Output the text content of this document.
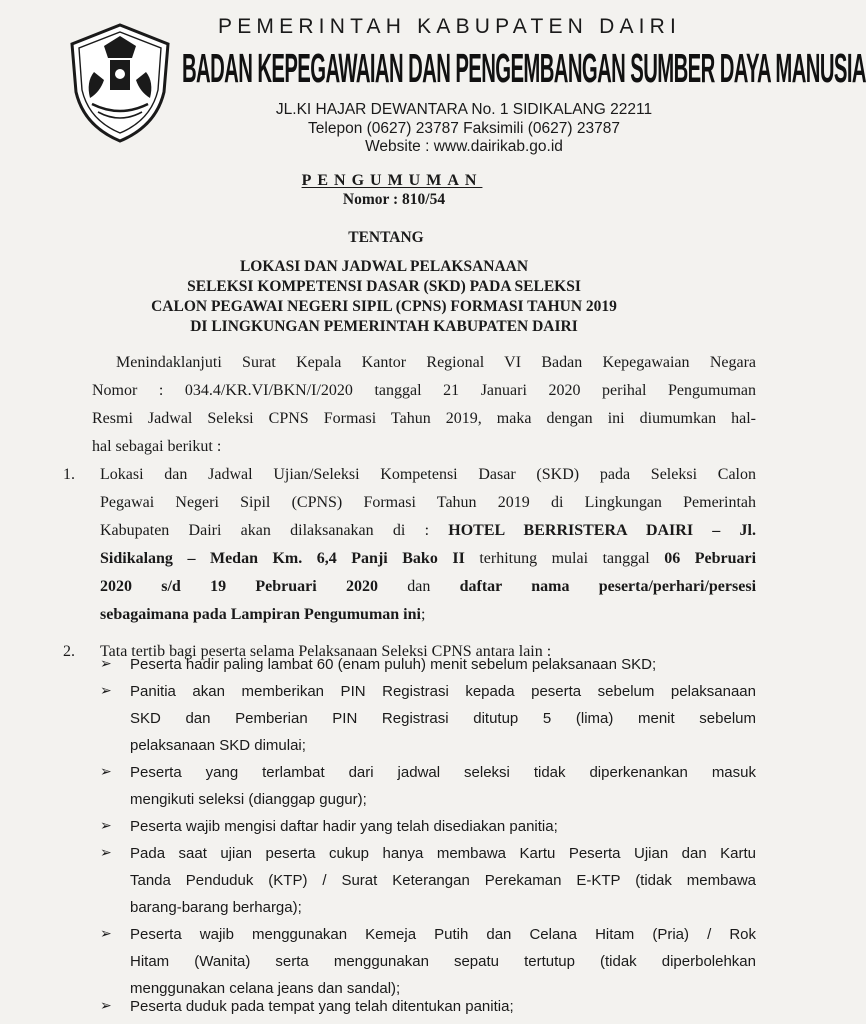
PEMERINTAH KABUPATEN DAIRI
BADAN KEPEGAWAIAN DAN PENGEMBANGAN SUMBER DAYA MANUSIA
JL.KI HAJAR DEWANTARA No. 1 SIDIKALANG 22211
Telepon (0627) 23787 Faksimili (0627) 23787
Website : www.dairikab.go.id
PENGUMUMAN
Nomor : 810/54
TENTANG
LOKASI DAN JADWAL PELAKSANAAN
SELEKSI KOMPETENSI DASAR (SKD) PADA SELEKSI
CALON PEGAWAI NEGERI SIPIL (CPNS) FORMASI TAHUN 2019
DI LINGKUNGAN PEMERINTAH KABUPATEN DAIRI
Menindaklanjuti Surat Kepala Kantor Regional VI Badan Kepegawaian Negara
Nomor : 034.4/KR.VI/BKN/I/2020 tanggal 21 Januari 2020 perihal Pengumuman
Resmi Jadwal Seleksi CPNS Formasi Tahun 2019, maka dengan ini diumumkan hal-
hal sebagai berikut :
1. Lokasi dan Jadwal Ujian/Seleksi Kompetensi Dasar (SKD) pada Seleksi Calon
Pegawai Negeri Sipil (CPNS) Formasi Tahun 2019 di Lingkungan Pemerintah
Kabupaten Dairi akan dilaksanakan di : HOTEL BERRISTERA DAIRI – Jl.
Sidikalang – Medan Km. 6,4 Panji Bako II terhitung mulai tanggal 06 Pebruari
2020 s/d 19 Pebruari 2020 dan daftar nama peserta/perhari/persesi
sebagaimana pada Lampiran Pengumuman ini;
2. Tata tertib bagi peserta selama Pelaksanaan Seleksi CPNS antara lain :
➢ Peserta hadir paling lambat 60 (enam puluh) menit sebelum pelaksanaan SKD;
➢ Panitia akan memberikan PIN Registrasi kepada peserta sebelum pelaksanaan
SKD dan Pemberian PIN Registrasi ditutup 5 (lima) menit sebelum
pelaksanaan SKD dimulai;
➢ Peserta yang terlambat dari jadwal seleksi tidak diperkenankan masuk
mengikuti seleksi (dianggap gugur);
➢ Peserta wajib mengisi daftar hadir yang telah disediakan panitia;
➢ Pada saat ujian peserta cukup hanya membawa Kartu Peserta Ujian dan Kartu
Tanda Penduduk (KTP) / Surat Keterangan Perekaman E-KTP (tidak membawa
barang-barang berharga);
➢ Peserta wajib menggunakan Kemeja Putih dan Celana Hitam (Pria) / Rok
Hitam (Wanita) serta menggunakan sepatu tertutup (tidak diperbolehkan
menggunakan celana jeans dan sandal);
➢ Peserta duduk pada tempat yang telah ditentukan panitia;
